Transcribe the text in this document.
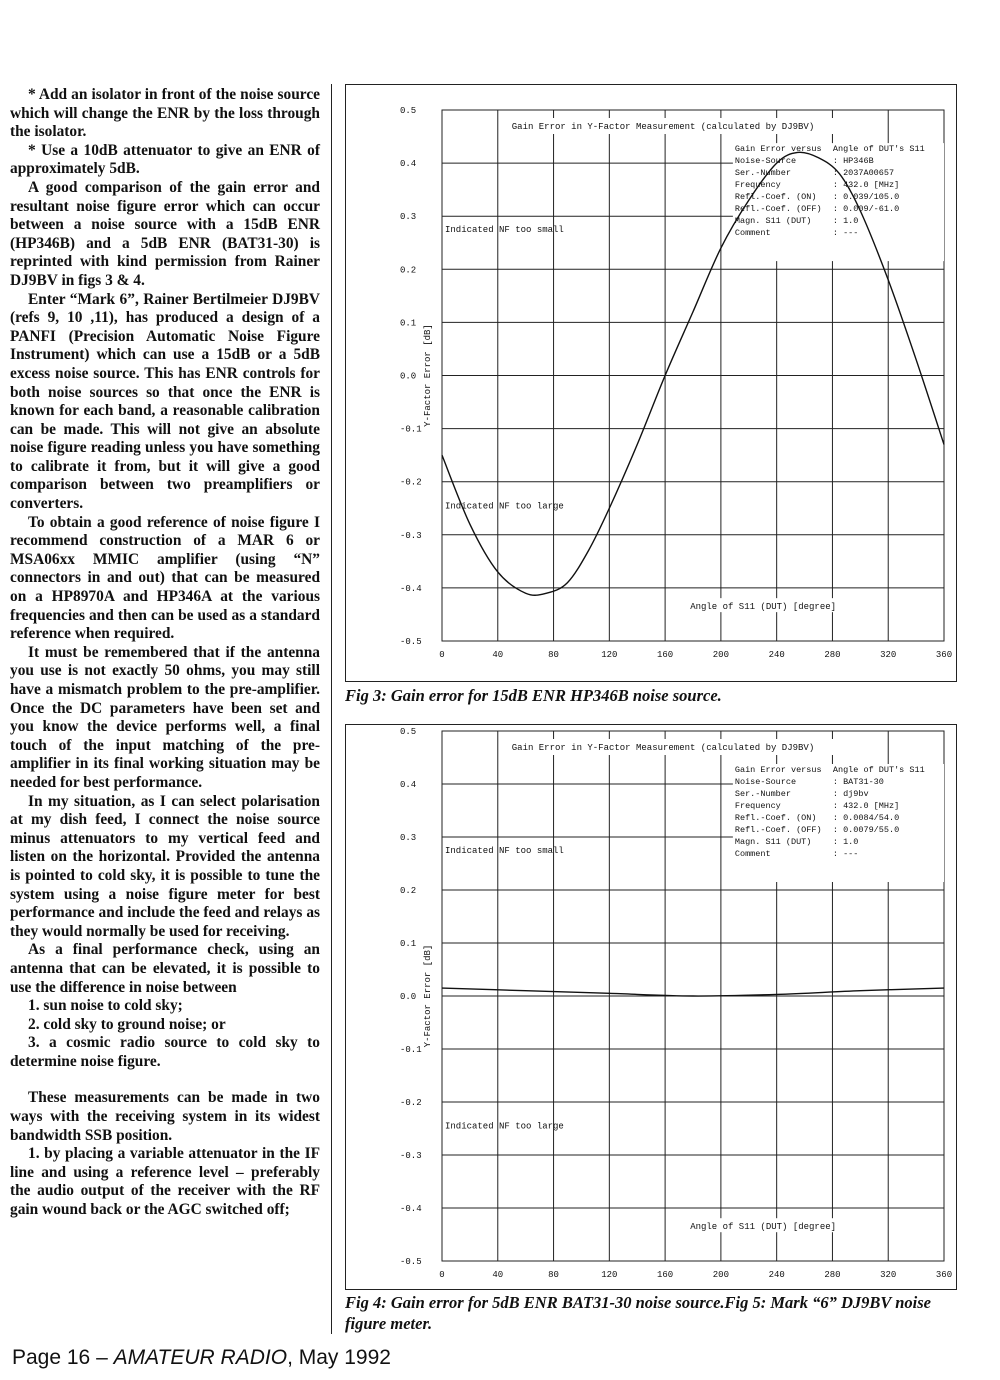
* Add an isolator in front of the noise source which will change the ENR by the loss through the isolator.

* Use a 10dB attenuator to give an ENR of approximately 5dB.

A good comparison of the gain error and resultant noise figure error which can occur between a noise source with a 15dB ENR (HP346B) and a 5dB ENR (BAT31-30) is reprinted with kind permission from Rainer DJ9BV in figs 3 & 4.

Enter “Mark 6”, Rainer Bertilmeier DJ9BV (refs 9, 10 ,11), has produced a design of a PANFI (Precision Automatic Noise Figure Instrument) which can use a 15dB or a 5dB excess noise source. This has ENR controls for both noise sources so that once the ENR is known for each band, a reasonable calibration can be made. This will not give an absolute noise figure reading unless you have something to calibrate it from, but it will give a good comparison between two preamplifiers or converters.

To obtain a good reference of noise figure I recommend construction of a MAR 6 or MSA06xx MMIC amplifier (using “N” connectors in and out) that can be measured on a HP8970A and HP346A at the various frequencies and then can be used as a standard reference when required.

It must be remembered that if the antenna you use is not exactly 50 ohms, you may still have a mismatch problem to the pre-amplifier. Once the DC parameters have been set and you know the device performs well, a final touch of the input matching of the pre-amplifier in its final working situation may be needed for best performance.

In my situation, as I can select polarisation at my dish feed, I connect the noise source minus attenuators to my vertical feed and listen on the horizontal. Provided the antenna is pointed to cold sky, it is possible to tune the system using a noise figure meter for best performance and include the feed and relays as they would normally be used for receiving.

As a final performance check, using an antenna that can be elevated, it is possible to use the difference in noise between

1. sun noise to cold sky;

2. cold sky to ground noise; or

3. a cosmic radio source to cold sky to determine noise figure.

These measurements can be made in two ways with the receiving system in its widest bandwidth SSB position.

1. by placing a variable attenuator in the IF line and using a reference level – preferably the audio output of the receiver with the RF gain wound back or the AGC switched off;

0.5
0.4
0.3
0.2
0.1
0.0
-0.1
-0.2
-0.3
-0.4
-0.5
0	40	80	120	160	200	240	280	320	360
Gain Error in Y-Factor Measurement (calculated by DJ9BV)
Gain Error versus Angle of DUT's S11
Noise-Source	: HP346B
Ser.-Number	: 2037A00657
Frequency	: 432.0 [MHz]
Refl.-Coef. (ON) : 0.039/105.0
Refl.-Coef. (OFF) : 0.009/-61.0
Magn. S11 (DUT)	: 1.0
Comment	: ---
Indicated NF too small
Indicated NF too large
Angle of S11 (DUT) [degree]
Y-Factor Error [dB]
Fig 3: Gain error for 15dB ENR HP346B noise source.
0.5
0.4
0.3
0.2
0.1
0.0
-0.1
-0.2
-0.3
-0.4
-0.5
0	40	80	120	160	200	240	280	320	360
Gain Error in Y-Factor Measurement (calculated by DJ9BV)
Gain Error versus Angle of DUT's S11
Noise-Source	: BAT31-30
Ser.-Number	: dj9bv
Frequency	: 432.0 [MHz]
Refl.-Coef. (ON) : 0.0084/54.0
Refl.-Coef. (OFF) : 0.0079/55.0
Magn. S11 (DUT)	: 1.0
Comment	: ---
Indicated NF too small
Indicated NF too large
Angle of S11 (DUT) [degree]
Y-Factor Error [dB]
Fig 4: Gain error for 5dB ENR BAT31-30 noise source.Fig 5: Mark “6” DJ9BV noise figure meter.
Page 16 – AMATEUR RADIO, May 1992
